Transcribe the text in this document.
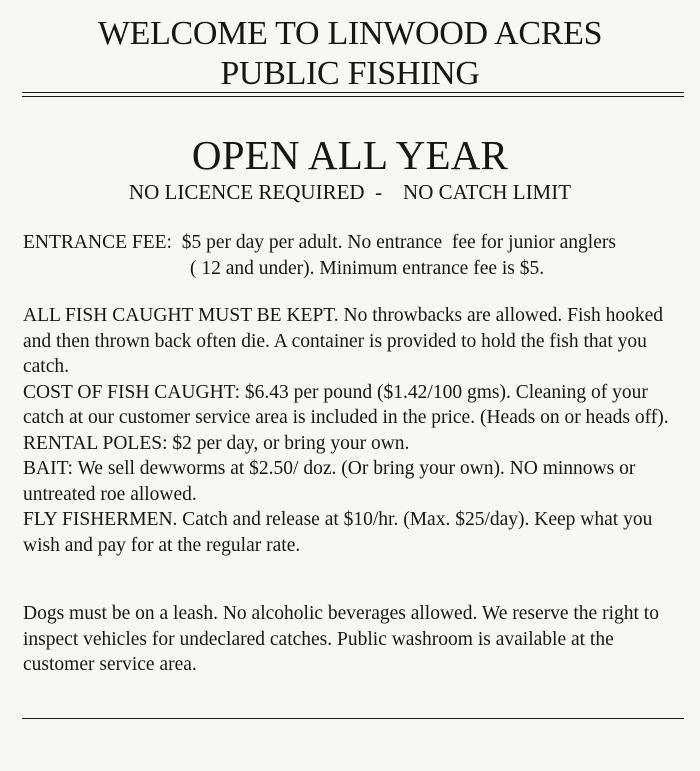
WELCOME TO LINWOOD ACRES
PUBLIC FISHING
OPEN ALL YEAR
NO LICENCE REQUIRED  -    NO CATCH LIMIT

ENTRANCE FEE:  $5 per day per adult. No entrance  fee for junior anglers

( 12 and under). Minimum entrance fee is $5.

ALL FISH CAUGHT MUST BE KEPT. No throwbacks are allowed. Fish hooked and then thrown back often die. A container is provided to hold the fish that you catch.

COST OF FISH CAUGHT: $6.43 per pound ($1.42/100 gms). Cleaning of your catch at our customer service area is included in the price. (Heads on or heads off).

RENTAL POLES: $2 per day, or bring your own.

BAIT: We sell dewworms at $2.50/ doz. (Or bring your own). NO minnows or untreated roe allowed.

FLY FISHERMEN. Catch and release at $10/hr. (Max. $25/day). Keep what you wish and pay for at the regular rate.

Dogs must be on a leash. No alcoholic beverages allowed. We reserve the right to inspect vehicles for undeclared catches. Public washroom is available at the customer service area.
